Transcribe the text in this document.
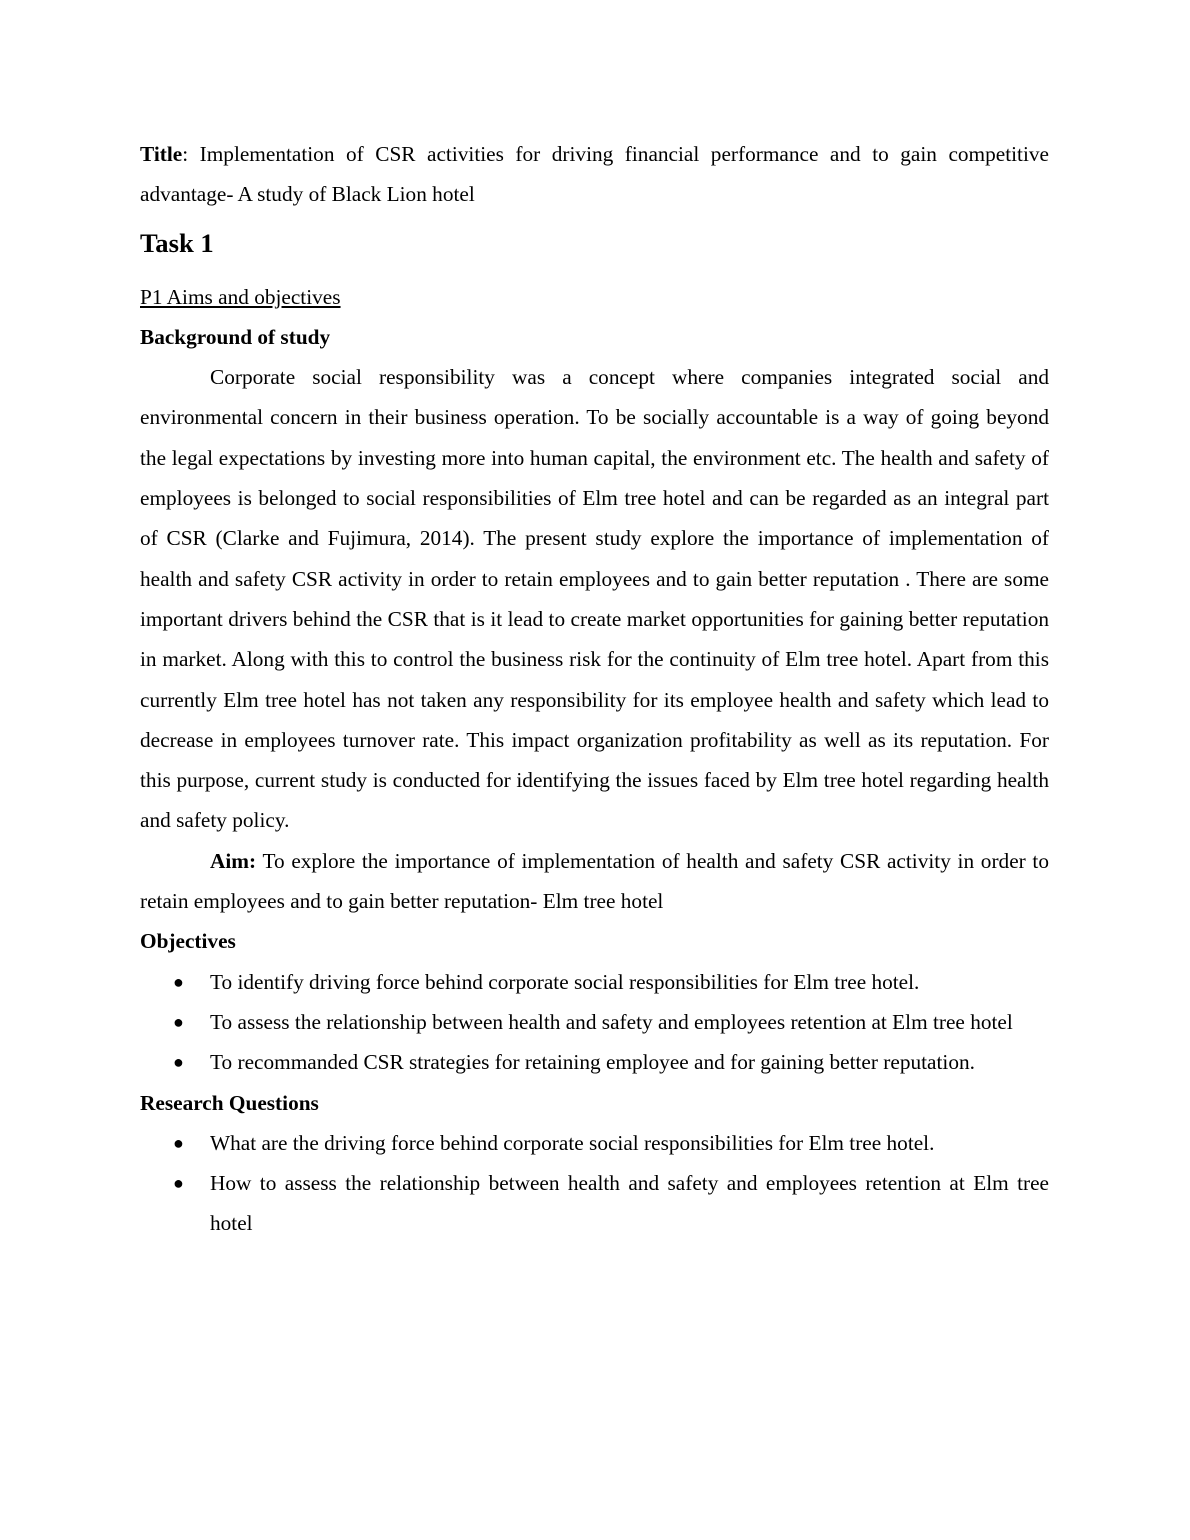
Title: Implementation of CSR activities for driving financial performance and to gain competitive advantage- A study of Black Lion hotel

Task 1
P1 Aims and objectives

Background of study

Corporate social responsibility was a concept where companies integrated social and environmental concern in their business operation. To be socially accountable is a way of going beyond the legal expectations by investing more into human capital, the environment etc. The health and safety of employees is belonged to social responsibilities of Elm tree hotel and can be regarded as an integral part of CSR (Clarke and Fujimura, 2014). The present study explore the importance of implementation of health and safety CSR activity in order to retain employees and to gain better reputation . There are some important drivers behind the CSR that is it lead to create market opportunities for gaining better reputation in market. Along with this to control the business risk for the continuity of Elm tree hotel. Apart from this currently Elm tree hotel has not taken any responsibility for its employee health and safety which lead to decrease in employees turnover rate. This impact organization profitability as well as its reputation. For this purpose, current study is conducted for identifying the issues faced by Elm tree hotel regarding health and safety policy.

Aim: To explore the importance of implementation of health and safety CSR activity in order to retain employees and to gain better reputation- Elm tree hotel

Objectives

● To identify driving force behind corporate social responsibilities for Elm tree hotel.
● To assess the relationship between health and safety and employees retention at Elm tree hotel
● To recommanded CSR strategies for retaining employee and for gaining better reputation.

Research Questions

● What are the driving force behind corporate social responsibilities for Elm tree hotel.
● How to assess the relationship between health and safety and employees retention at Elm tree hotel
